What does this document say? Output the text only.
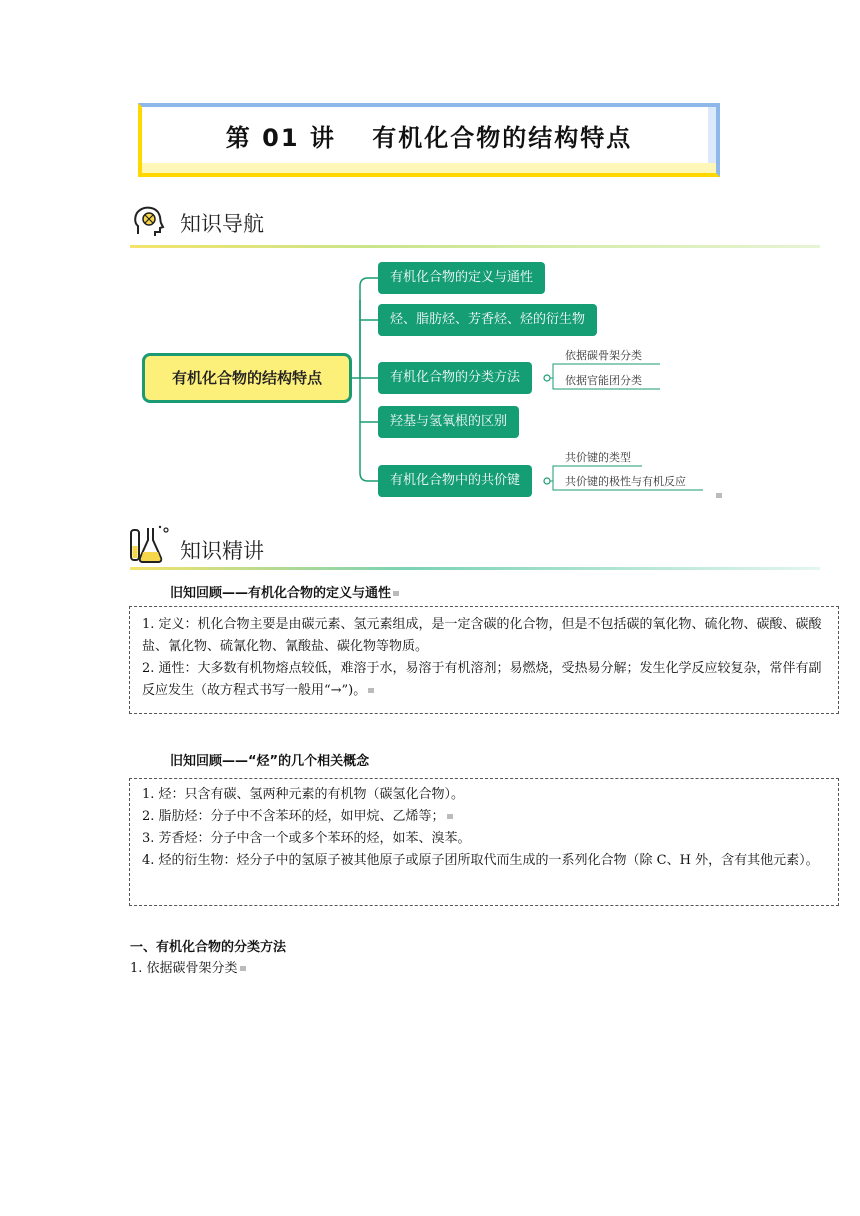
第 01 讲　 有机化合物的结构特点
知识导航
有机化合物的结构特点
有机化合物的定义与通性
烃、脂肪烃、芳香烃、烃的衍生物
有机化合物的分类方法
羟基与氢氧根的区别
有机化合物中的共价键
依据碳骨架分类
依据官能团分类
共价键的类型
共价键的极性与有机反应
知识精讲
旧知回顾——有机化合物的定义与通性

1. 定义：机化合物主要是由碳元素、氢元素组成，是一定含碳的化合物，但是不包括碳的氧化物、硫化物、碳酸、碳酸盐、氰化物、硫氰化物、氰酸盐、碳化物等物质。

2. 通性：大多数有机物熔点较低，难溶于水，易溶于有机溶剂；易燃烧，受热易分解；发生化学反应较复杂，常伴有副反应发生（故方程式书写一般用“→”)。

旧知回顾——“烃”的几个相关概念

1. 烃：只含有碳、氢两种元素的有机物（碳氢化合物）。

2. 脂肪烃：分子中不含苯环的烃，如甲烷、乙烯等；

3. 芳香烃：分子中含一个或多个苯环的烃，如苯、溴苯。

4. 烃的衍生物：烃分子中的氢原子被其他原子或原子团所取代而生成的一系列化合物（除 C、H 外，含有其他元素）。

一、有机化合物的分类方法
1. 依据碳骨架分类
